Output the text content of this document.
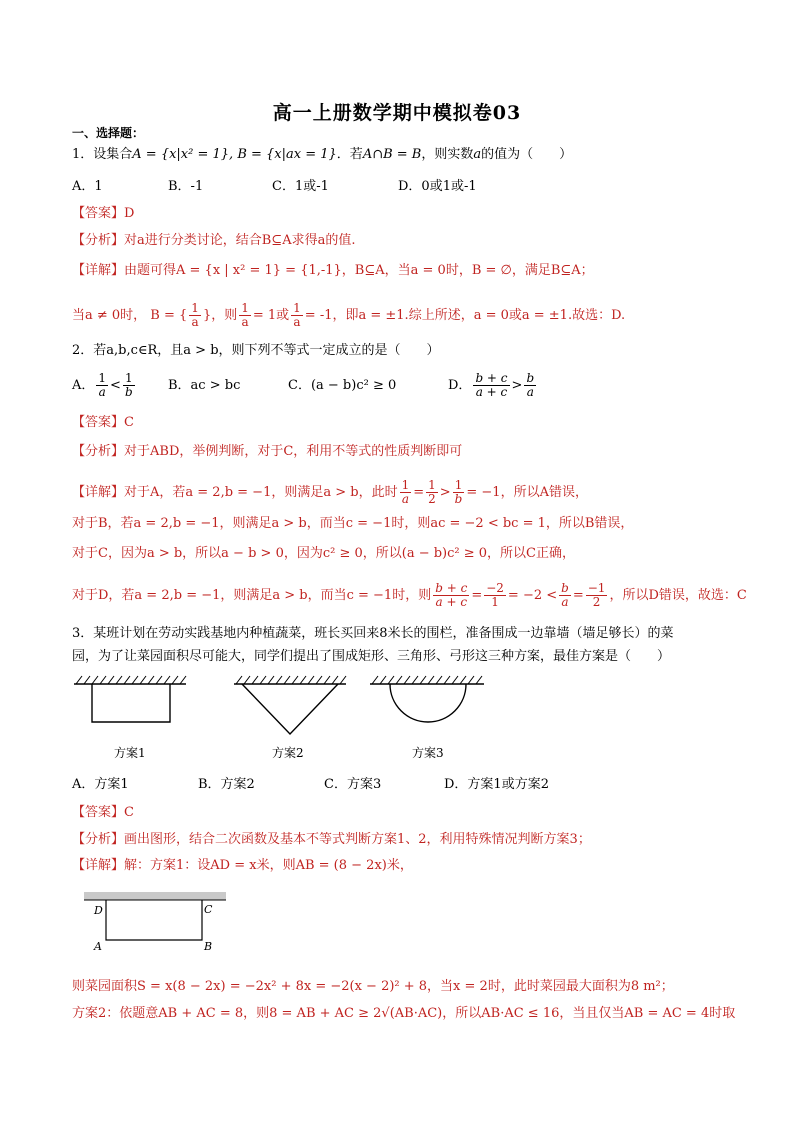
高一上册数学期中模拟卷03
一、选择题：
1．设集合A = {x|x² = 1}, B = {x|ax = 1}．若A∩B = B，则实数a的值为（　　）
A．1	B．-1	C．1或-1	D．0或1或-1
【答案】D
【分析】对a进行分类讨论，结合B⊆A求得a的值.
【详解】由题可得A = {x | x² = 1} = {1,-1}，B⊆A，当a = 0时，B = ∅，满足B⊆A；
当a ≠ 0时， B = { $\frac{1}{a}$ }，则 $\frac{1}{a} = 1$或 $\frac{1}{a} = -1$，即a = ±1.综上所述，a = 0或a = ±1.故选：D.
2．若a,b,c∈R，且a > b，则下列不等式一定成立的是（　　）
A． $\frac{1}{a} < \frac{1}{b}$	B．ac > bc	C．(a − b)c² ≥ 0	D． $\frac{b + c}{a + c} > \frac{b}{a}$
【答案】C
【分析】对于ABD，举例判断，对于C，利用不等式的性质判断即可
【详解】对于A，若a = 2,b = −1，则满足a > b，此时 $\frac{1}{a} = \frac{1}{2} > \frac{1}{b} = -1$，所以A错误，
对于B，若a = 2,b = −1，则满足a > b，而当c = −1时，则ac = −2 < bc = 1，所以B错误，
对于C，因为a > b，所以a − b > 0，因为c² ≥ 0，所以(a − b)c² ≥ 0，所以C正确，
对于D，若a = 2,b = −1，则满足a > b，而当c = −1时，则 $\frac{b + c}{a + c} = \frac{-2}{1} = -2 < \frac{b}{a} = \frac{-1}{2}$ ，所以D错误，故选：C
3．某班计划在劳动实践基地内种植蔬菜，班长买回来8米长的围栏，准备围成一边靠墙（墙足够长）的菜
园，为了让菜园面积尽可能大，同学们提出了围成矩形、三角形、弓形这三种方案，最佳方案是（　　）
方案1	方案2	方案3
A．方案1	B．方案2	C．方案3	D．方案1或方案2
【答案】C
【分析】画出图形，结合二次函数及基本不等式判断方案1、2，利用特殊情况判断方案3；
【详解】解：方案1：设AD = x米，则AB = (8 − 2x)米，
D	C
A	B
则菜园面积S = x(8 − 2x) = −2x² + 8x = −2(x − 2)² + 8，当x = 2时，此时菜园最大面积为8 m²；
方案2：依题意AB + AC = 8，则8 = AB + AC ≥ 2√(AB·AC)，所以AB·AC ≤ 16，当且仅当AB = AC = 4时取
